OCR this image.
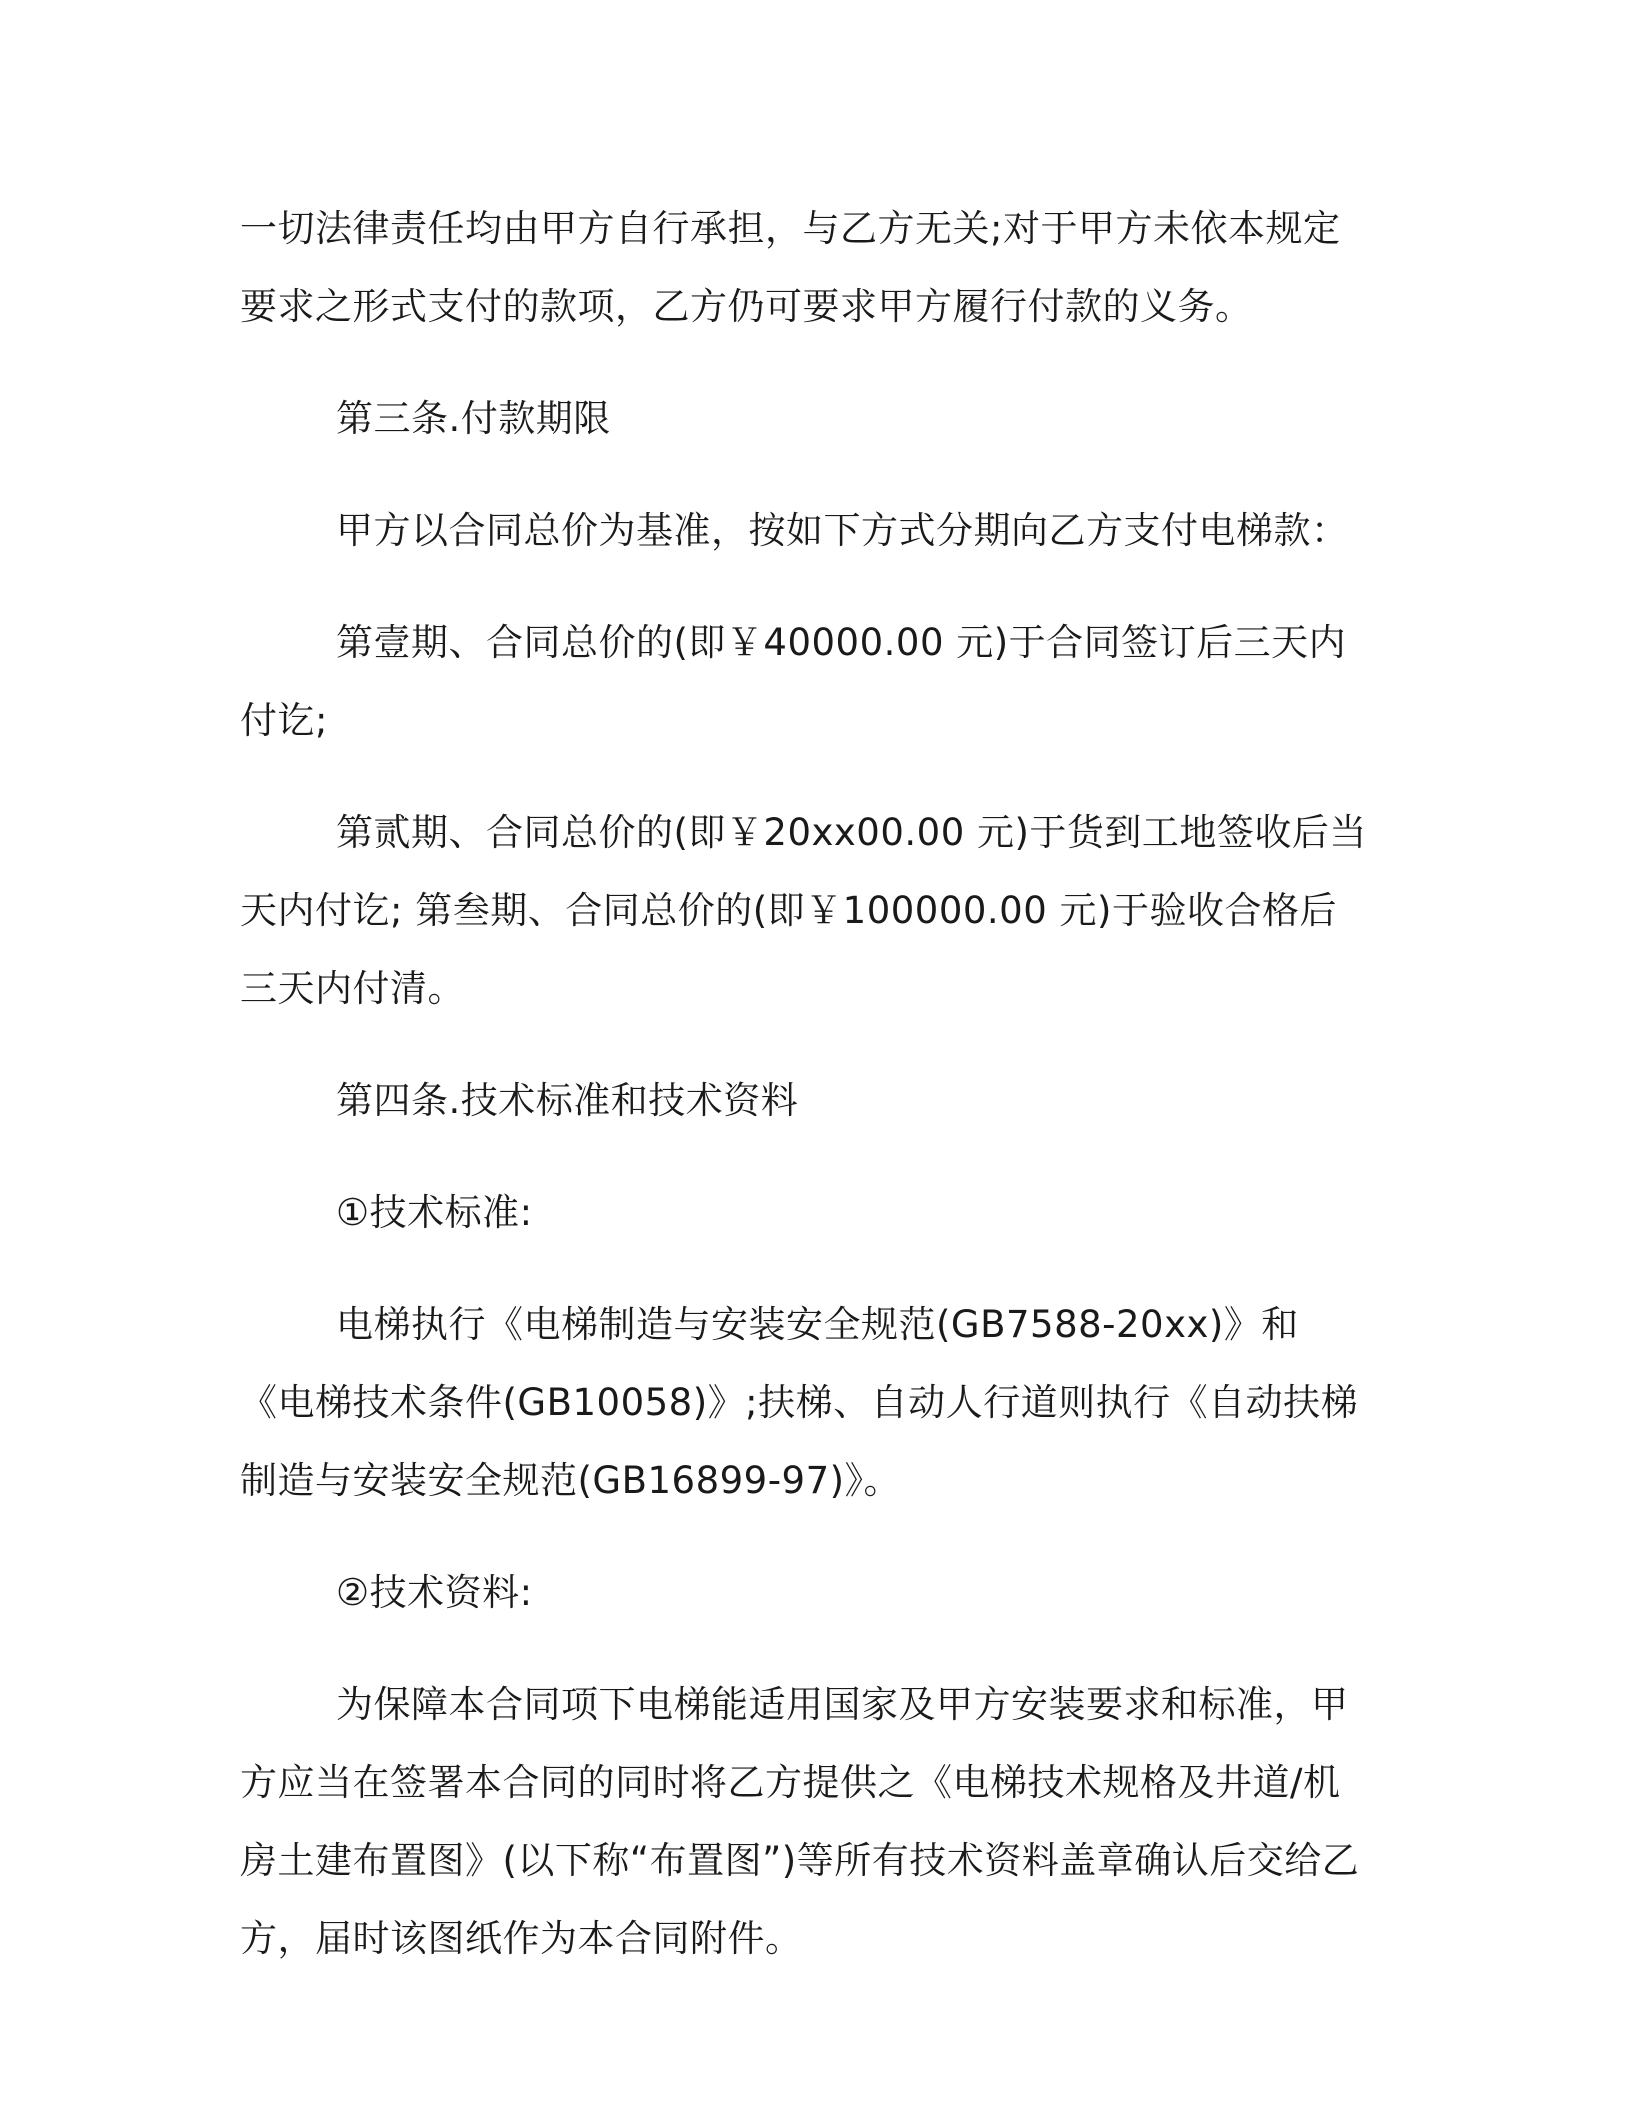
一切法律责任均由甲方自行承担，与乙方无关;对于甲方未依本规定要求之形式支付的款项，乙方仍可要求甲方履行付款的义务。

第三条.付款期限

甲方以合同总价为基准，按如下方式分期向乙方支付电梯款：

第壹期、合同总价的(即￥40000.00 元)于合同签订后三天内付讫;

第贰期、合同总价的(即￥20xx00.00 元)于货到工地签收后当天内付讫; 第叁期、合同总价的(即￥100000.00 元)于验收合格后三天内付清。

第四条.技术标准和技术资料

①技术标准:

电梯执行《电梯制造与安装安全规范(GB7588-20xx)》和《电梯技术条件(GB10058)》;扶梯、自动人行道则执行《自动扶梯制造与安装安全规范(GB16899-97)》。

②技术资料:

为保障本合同项下电梯能适用国家及甲方安装要求和标准，甲方应当在签署本合同的同时将乙方提供之《电梯技术规格及井道/机房土建布置图》(以下称“布置图”)等所有技术资料盖章确认后交给乙方，届时该图纸作为本合同附件。
